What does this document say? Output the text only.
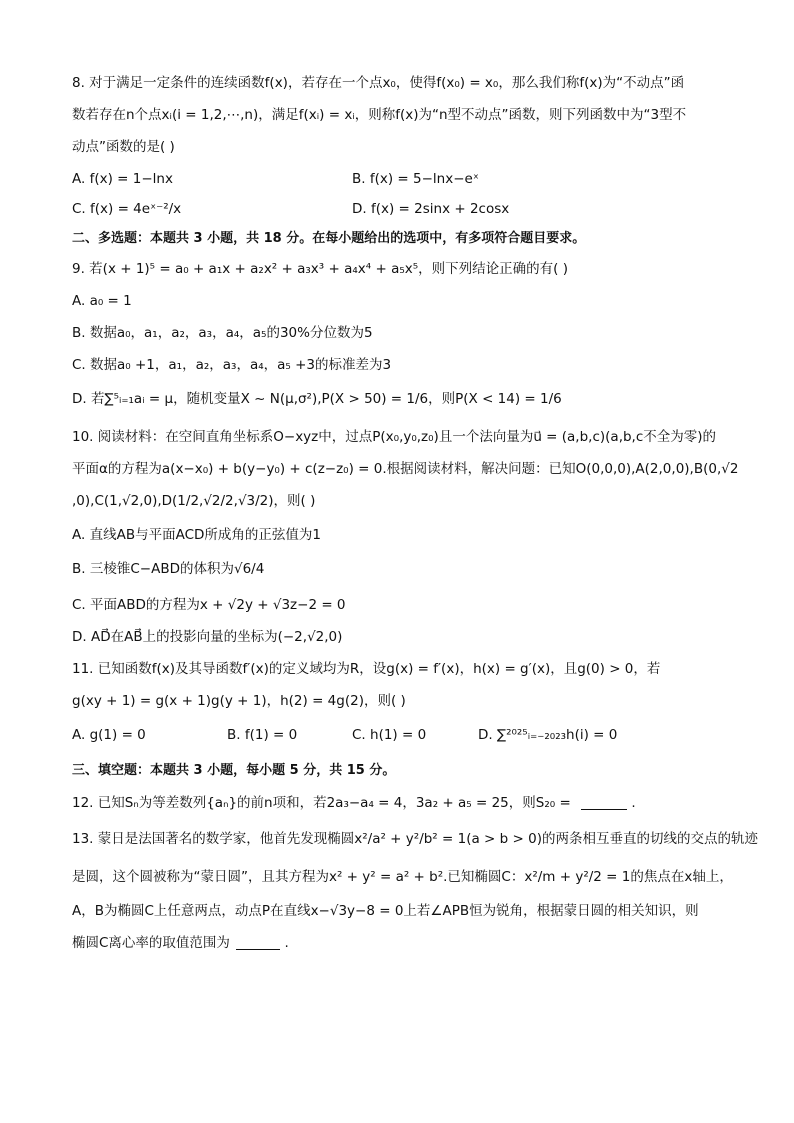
8. 对于满足一定条件的连续函数f(x)，若存在一个点x₀，使得f(x₀) = x₀，那么我们称f(x)为“不动点”函
数若存在n个点xᵢ(i = 1,2,⋯,n)，满足f(xᵢ) = xᵢ，则称f(x)为“n型不动点”函数，则下列函数中为“3型不
动点”函数的是( )
A. f(x) = 1−lnx	B. f(x) = 5−lnx−eˣ
C. f(x) = 4eˣ⁻²/x	D. f(x) = 2sinx + 2cosx
二、多选题：本题共 3 小题，共 18 分。在每小题给出的选项中，有多项符合题目要求。
9. 若(x + 1)⁵ = a₀ + a₁x + a₂x² + a₃x³ + a₄x⁴ + a₅x⁵，则下列结论正确的有( )
A. a₀ = 1
B. 数据a₀，a₁，a₂，a₃，a₄，a₅的30%分位数为5
C. 数据a₀ +1，a₁，a₂，a₃，a₄，a₅ +3的标准差为3
D. 若∑⁵ᵢ₌₁aᵢ = μ，随机变量X ~ N(μ,σ²),P(X > 50) = 1/6，则P(X < 14) = 1/6
10. 阅读材料：在空间直角坐标系O−xyz中，过点P(x₀,y₀,z₀)且一个法向量为u⃗ = (a,b,c)(a,b,c不全为零)的
平面α的方程为a(x−x₀) + b(y−y₀) + c(z−z₀) = 0.根据阅读材料，解决问题：已知O(0,0,0),A(2,0,0),B(0,√2
,0),C(1,√2,0),D(1/2,√2/2,√3/2)，则( )
A. 直线AB与平面ACD所成角的正弦值为1
B. 三棱锥C−ABD的体积为√6/4
C. 平面ABD的方程为x + √2y + √3z−2 = 0
D. AD⃗在AB⃗上的投影向量的坐标为(−2,√2,0)
11. 已知函数f(x)及其导函数f′(x)的定义域均为R，设g(x) = f′(x)，h(x) = g′(x)，且g(0) > 0，若
g(xy + 1) = g(x + 1)g(y + 1)，h(2) = 4g(2)，则( )
A. g(1) = 0	B. f(1) = 0	C. h(1) = 0	D. ∑²⁰²⁵ᵢ₌₋₂₀₂₃h(i) = 0
三、填空题：本题共 3 小题，每小题 5 分，共 15 分。
12. 已知Sₙ为等差数列{aₙ}的前n项和，若2a₃−a₄ = 4，3a₂ + a₅ = 25，则S₂₀ =	.
13. 蒙日是法国著名的数学家，他首先发现椭圆x²/a² + y²/b² = 1(a > b > 0)的两条相互垂直的切线的交点的轨迹
是圆，这个圆被称为“蒙日圆”，且其方程为x² + y² = a² + b².已知椭圆C：x²/m + y²/2 = 1的焦点在x轴上，
A，B为椭圆C上任意两点，动点P在直线x−√3y−8 = 0上若∠APB恒为锐角，根据蒙日圆的相关知识，则
椭圆C离心率的取值范围为	.
